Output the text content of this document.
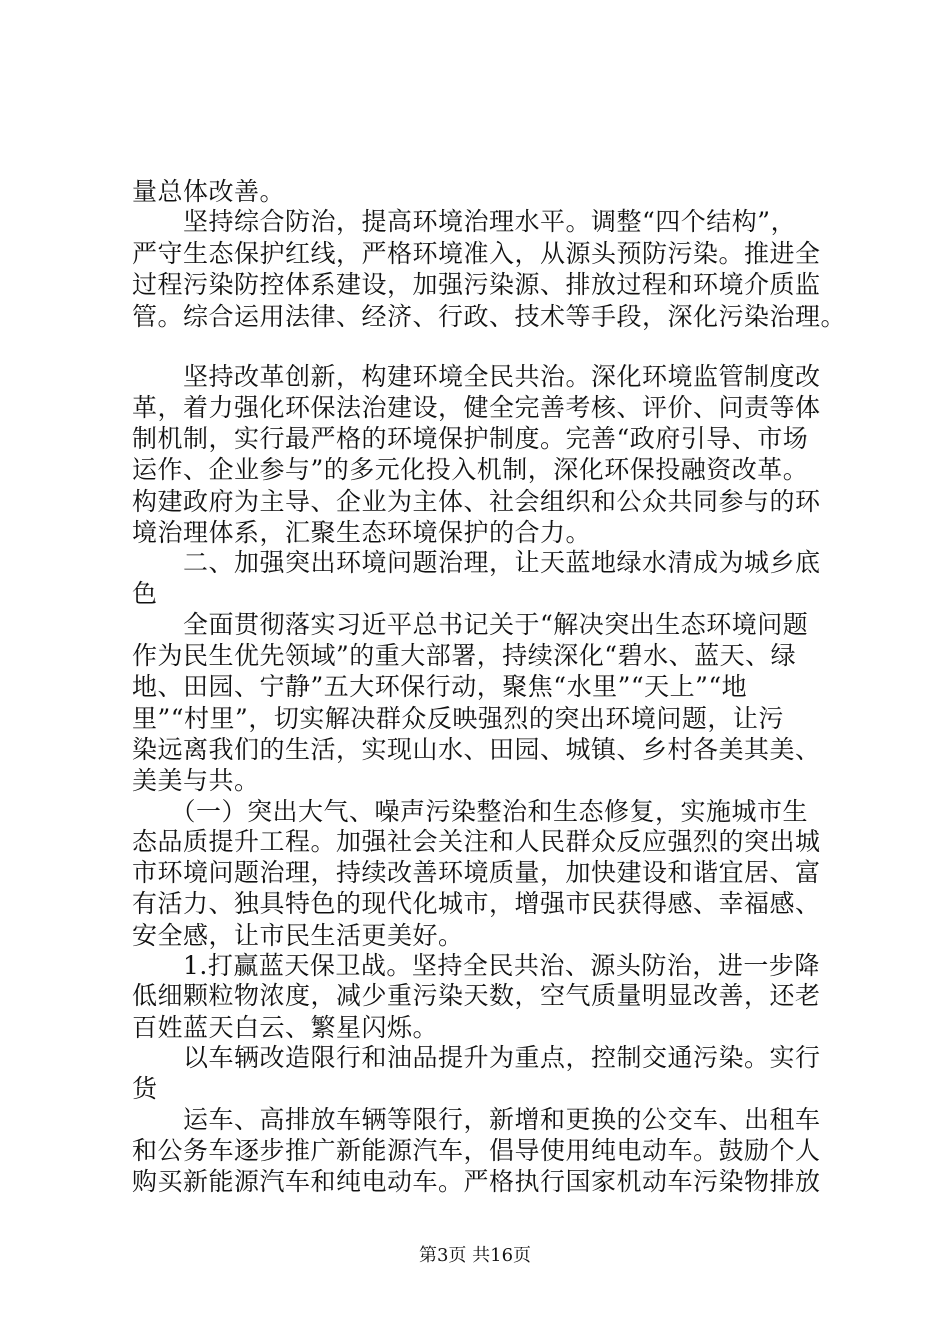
量总体改善。
　　坚持综合防治，提高环境治理水平。调整“四个结构”，
严守生态保护红线，严格环境准入，从源头预防污染。推进全
过程污染防控体系建设，加强污染源、排放过程和环境介质监
管。综合运用法律、经济、行政、技术等手段，深化污染治理。
　　坚持改革创新，构建环境全民共治。深化环境监管制度改
革，着力强化环保法治建设，健全完善考核、评价、问责等体
制机制，实行最严格的环境保护制度。完善“政府引导、市场
运作、企业参与”的多元化投入机制，深化环保投融资改革。
构建政府为主导、企业为主体、社会组织和公众共同参与的环
境治理体系，汇聚生态环境保护的合力。
　　二、加强突出环境问题治理，让天蓝地绿水清成为城乡底
色
　　全面贯彻落实习近平总书记关于“解决突出生态环境问题
作为民生优先领域”的重大部署，持续深化“碧水、蓝天、绿
地、田园、宁静”五大环保行动，聚焦“水里”“天上”“地
里”“村里”，切实解决群众反映强烈的突出环境问题，让污
染远离我们的生活，实现山水、田园、城镇、乡村各美其美、
美美与共。
　　（一）突出大气、噪声污染整治和生态修复，实施城市生
态品质提升工程。加强社会关注和人民群众反应强烈的突出城
市环境问题治理，持续改善环境质量，加快建设和谐宜居、富
有活力、独具特色的现代化城市，增强市民获得感、幸福感、
安全感，让市民生活更美好。
　　1.打赢蓝天保卫战。坚持全民共治、源头防治，进一步降
低细颗粒物浓度，减少重污染天数，空气质量明显改善，还老
百姓蓝天白云、繁星闪烁。
　　以车辆改造限行和油品提升为重点，控制交通污染。实行
货
　　运车、高排放车辆等限行，新增和更换的公交车、出租车
和公务车逐步推广新能源汽车，倡导使用纯电动车。鼓励个人
购买新能源汽车和纯电动车。严格执行国家机动车污染物排放
第3页 共16页
